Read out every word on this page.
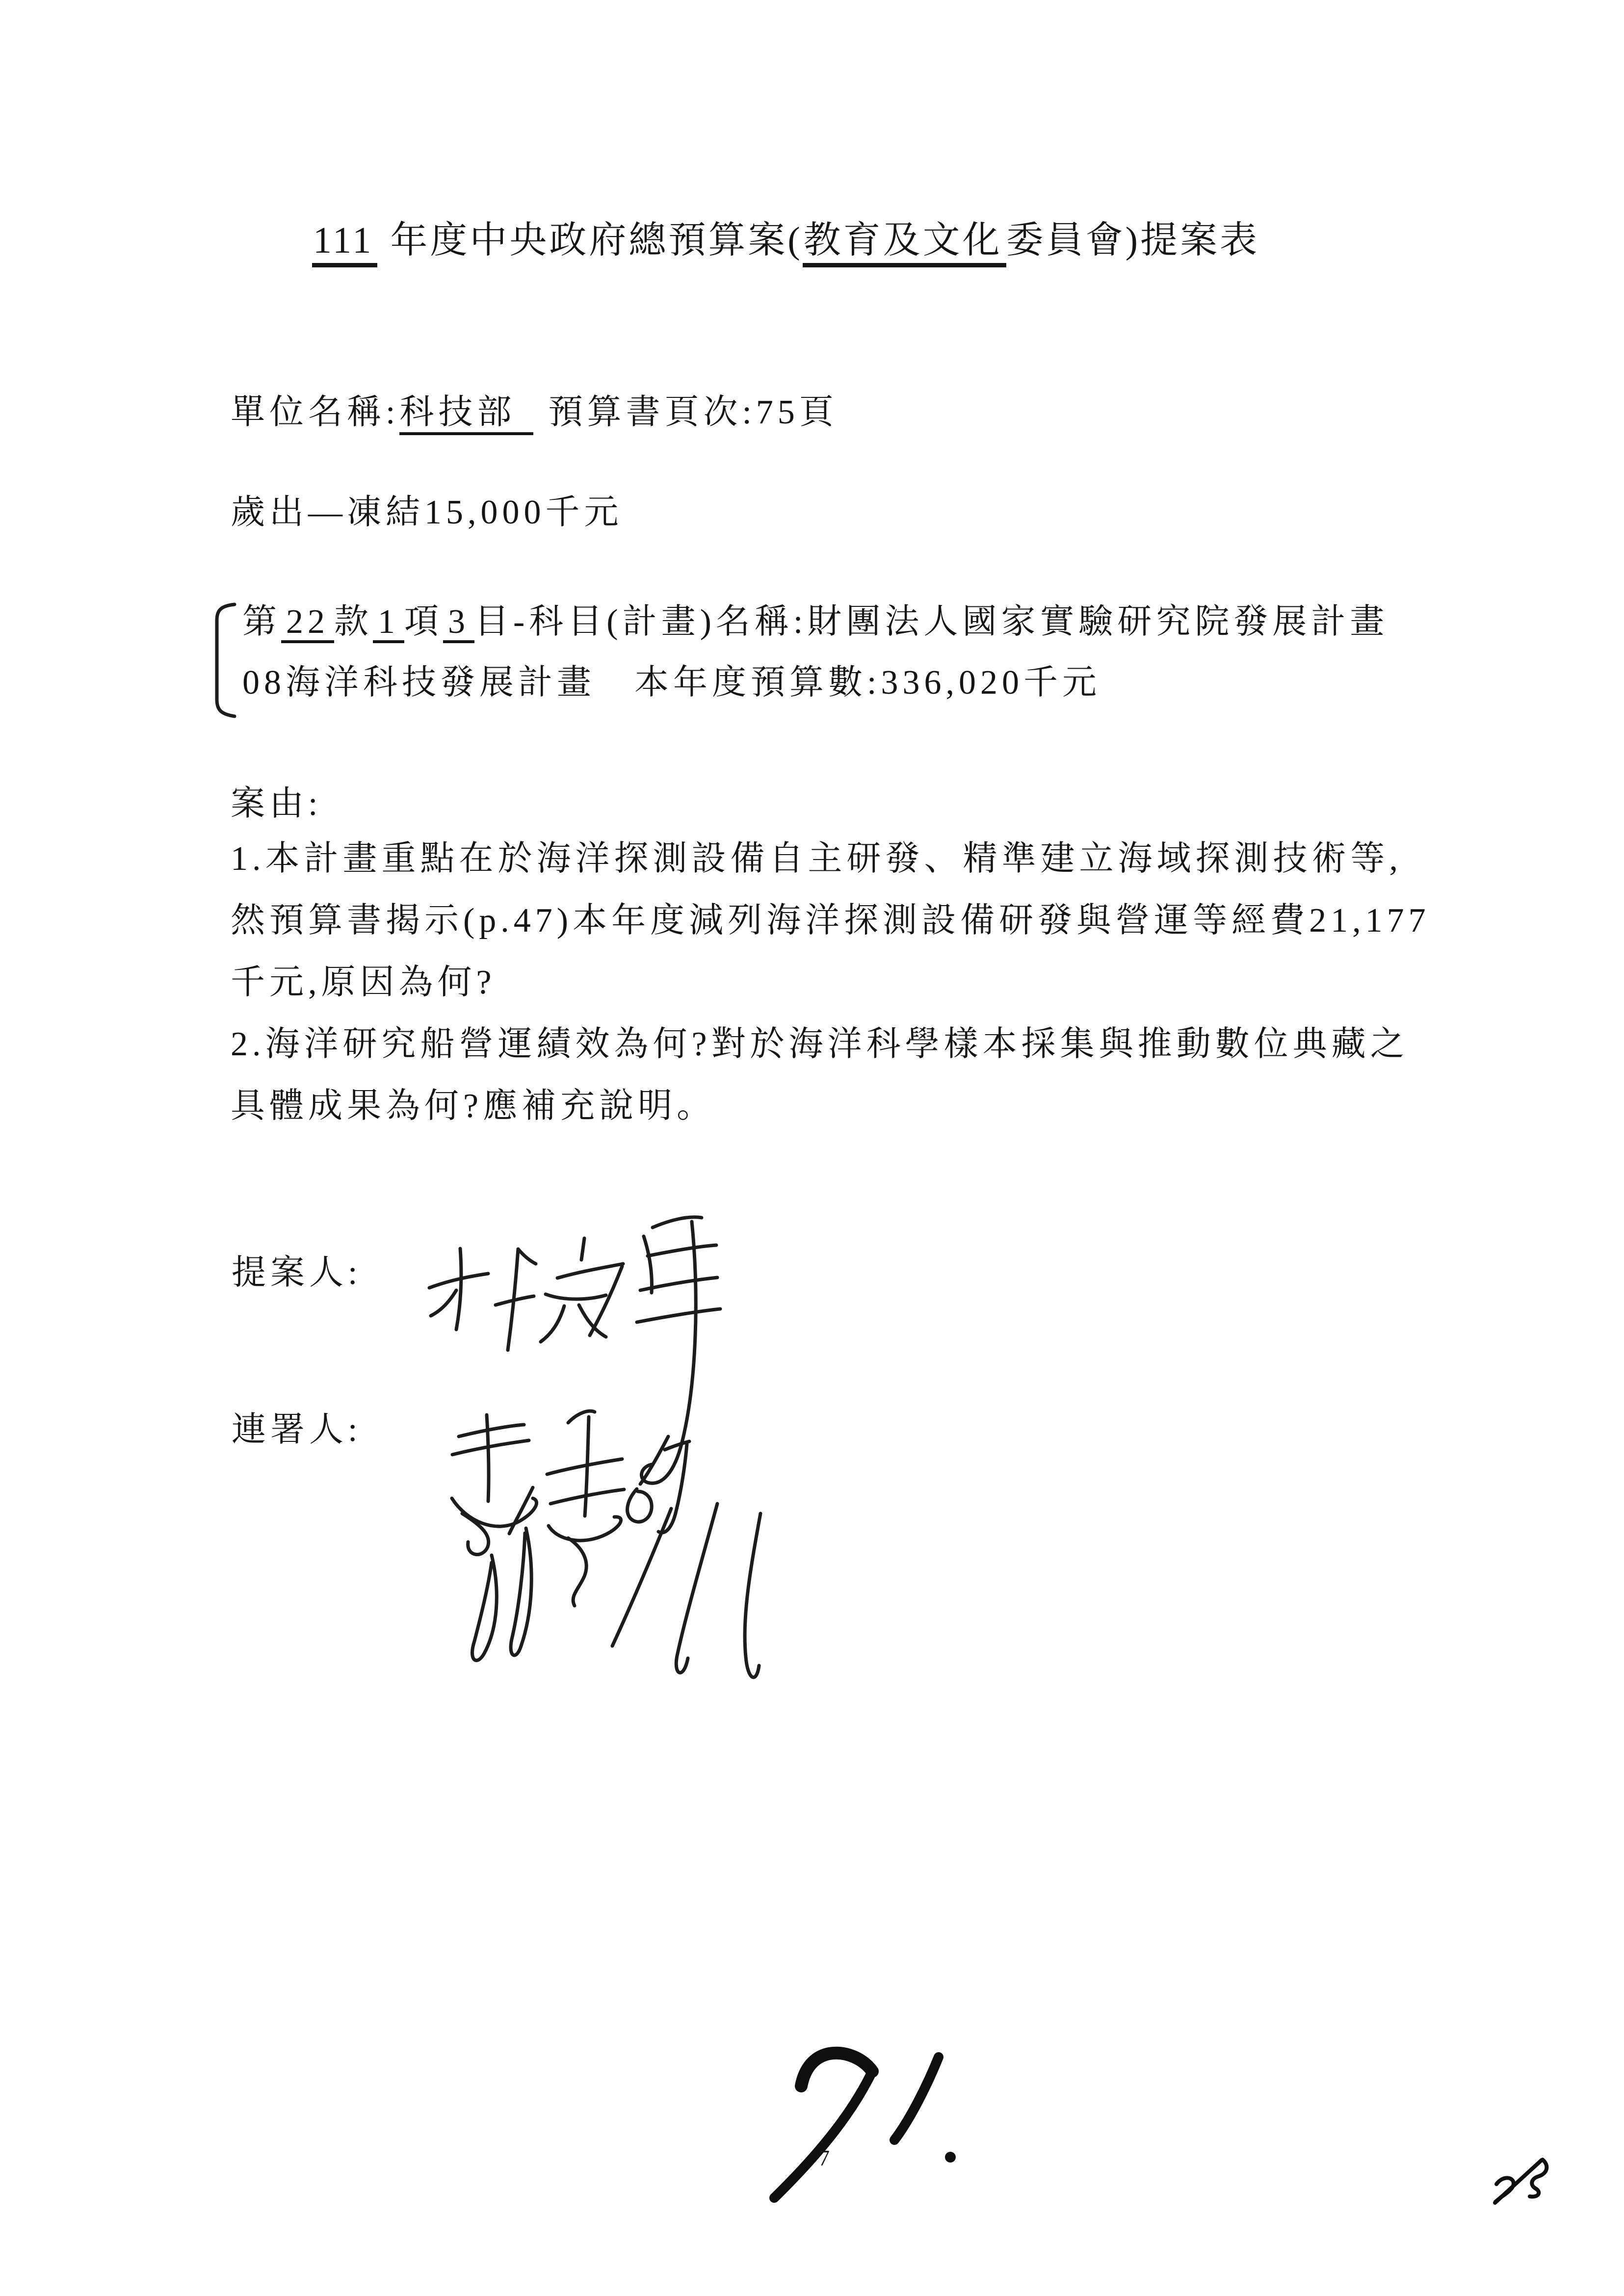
111 年度中央政府總預算案(教育及文化 委員會)提案表
單位名稱:科技部 預算書頁次:75頁
歲出—凍結15,000千元
第 22 款 1 項 3 目-科目(計畫)名稱:財團法人國家實驗研究院發展計畫
08海洋科技發展計畫　本年度預算數:336,020千元
案由:
1.本計畫重點在於海洋探測設備自主研發、精準建立海域探測技術等,
然預算書揭示(p.47)本年度減列海洋探測設備研發與營運等經費21,177
千元,原因為何?
2.海洋研究船營運績效為何?對於海洋科學樣本採集與推動數位典藏之
具體成果為何?應補充說明。
提案人:
連署人:
7
